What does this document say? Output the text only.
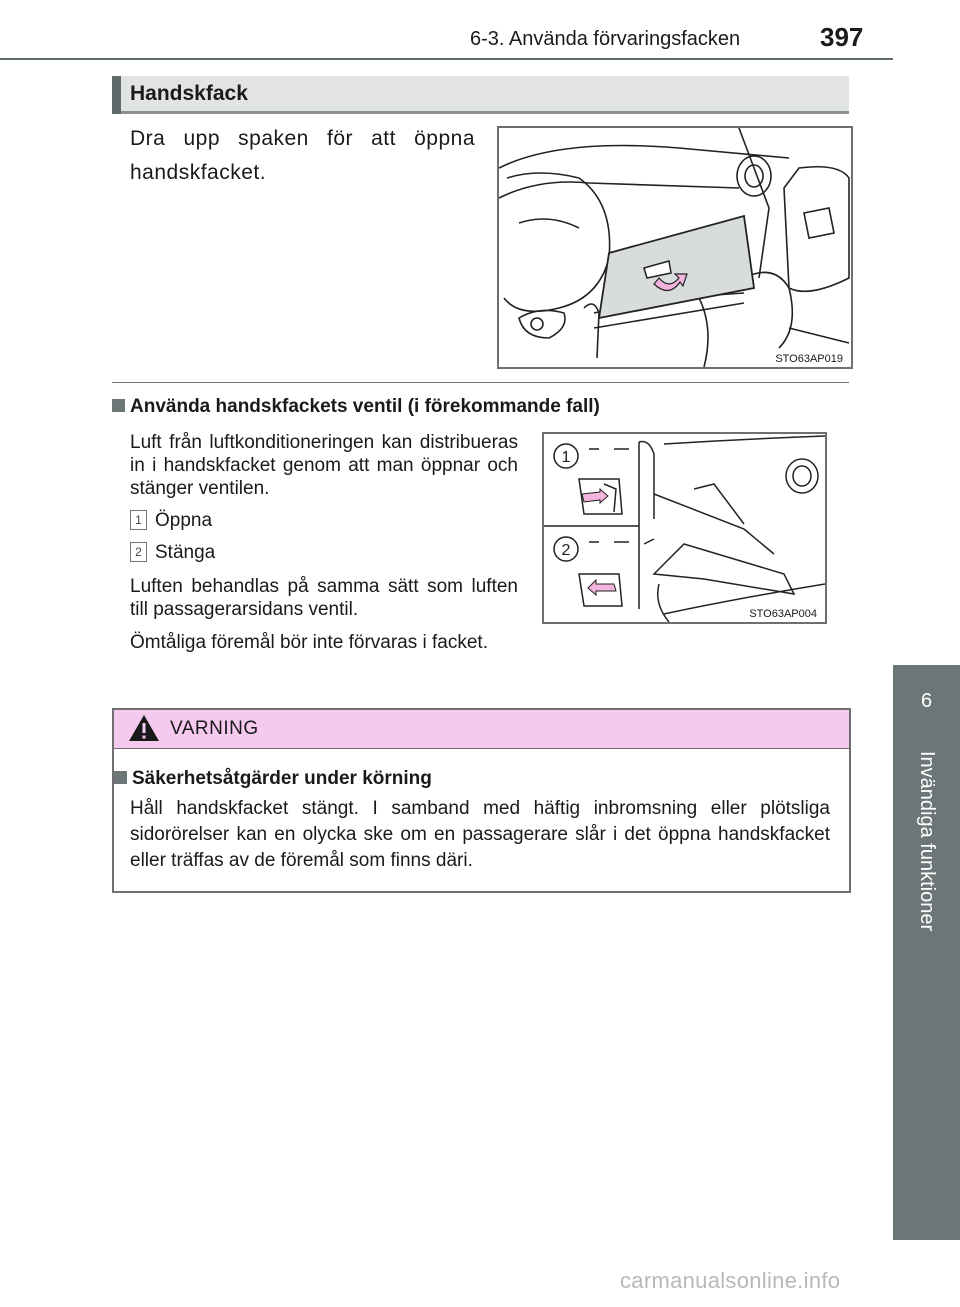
6-3. Använda förvaringsfacken	397
6
Invändiga funktioner
Handskfack
Dra upp spaken för att öppna handskfacket.
STO63AP019
Använda handskfackets ventil (i förekommande fall)
Luft från luftkonditioneringen kan distribueras in i handskfacket genom att man öppnar och stänger ventilen.
1 Öppna
2 Stänga
Luften behandlas på samma sätt som luften till passagerarsidans ventil.
Ömtåliga föremål bör inte förvaras i facket.
1
2
STO63AP004
VARNING
Säkerhetsåtgärder under körning
Håll handskfacket stängt. I samband med häftig inbromsning eller plötsliga sidorörelser kan en olycka ske om en passagerare slår i det öppna handskfacket eller träffas av de föremål som finns däri.
carmanualsonline.info
